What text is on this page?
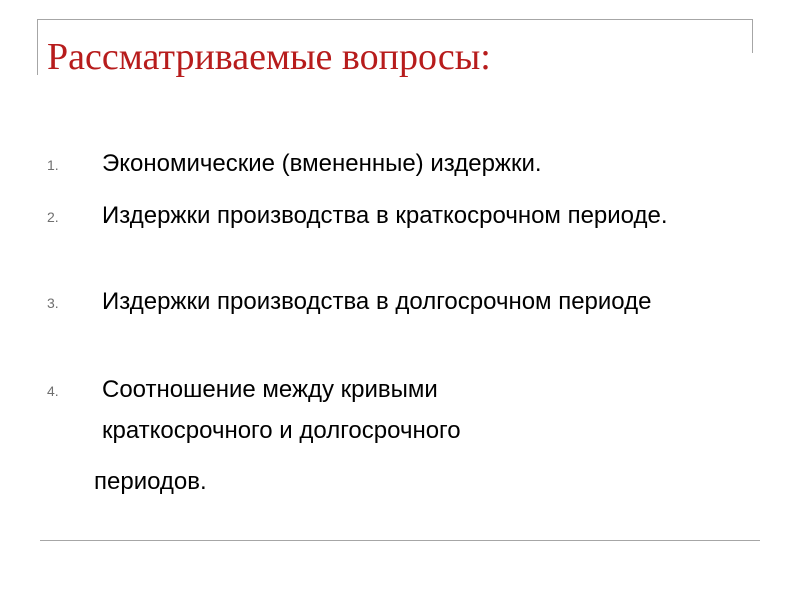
Рассматриваемые вопросы:
1. Экономические (вмененные) издержки.
2. Издержки производства в краткосрочном периоде.
3. Издержки производства в долгосрочном периоде
4. Соотношение между кривыми краткосрочного и долгосрочного

периодов.
